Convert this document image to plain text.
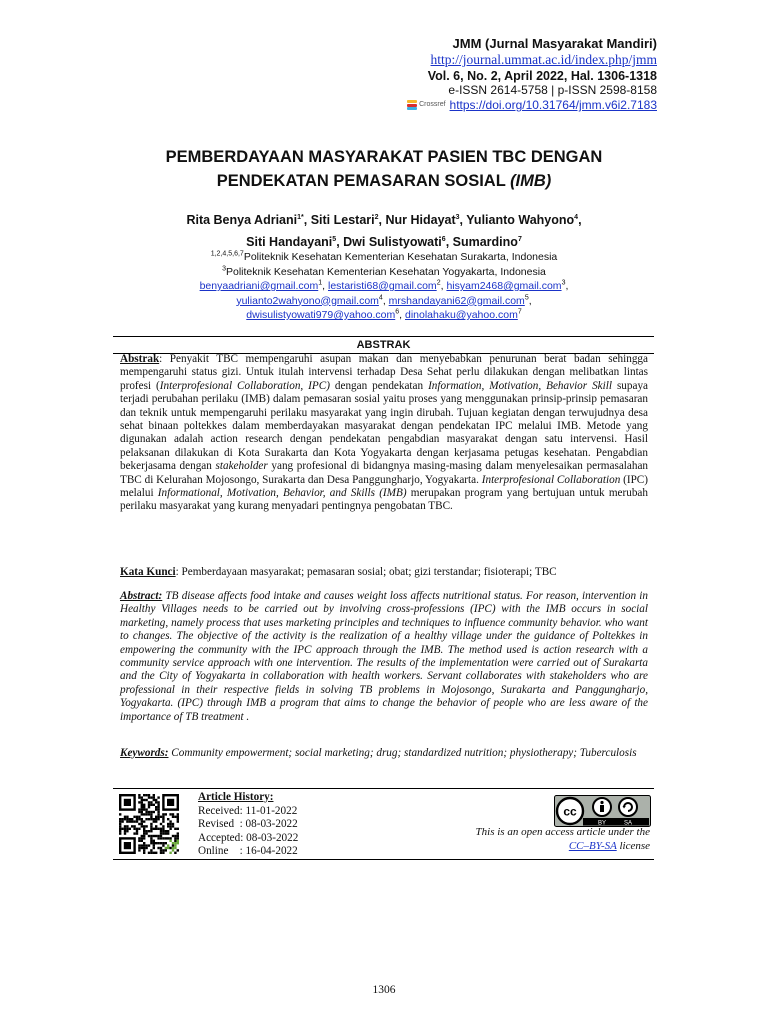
JMM (Jurnal Masyarakat Mandiri)
http://journal.ummat.ac.id/index.php/jmm
Vol. 6, No. 2, April 2022, Hal. 1306-1318
e-ISSN 2614-5758 | p-ISSN 2598-8158
Crossref https://doi.org/10.31764/jmm.v6i2.7183
PEMBERDAYAAN MASYARAKAT PASIEN TBC DENGAN
PENDEKATAN PEMASARAN SOSIAL (IMB)
Rita Benya Adriani$^{1*}$, Siti Lestari$^2$, Nur Hidayat$^3$, Yulianto Wahyono$^4$,
Siti Handayani$^5$, Dwi Sulistyowati$^6$, Sumardino$^7$
$^{1,2,4,5,6,7}$Politeknik Kesehatan Kementerian Kesehatan Surakarta, Indonesia
$^3$Politeknik Kesehatan Kementerian Kesehatan Yogyakarta, Indonesia
benyaadriani@gmail.com$^1$, lestaristi68@gmail.com$^2$, hisyam2468@gmail.com$^3$,
yulianto2wahyono@gmail.com$^4$, mrshandayani62@gmail.com$^5$,
dwisulistyowati979@yahoo.com$^6$, dinolahaku@yahoo.com$^7$
ABSTRAK
Abstrak: Penyakit TBC mempengaruhi asupan makan dan menyebabkan penurunan berat badan sehingga mempengaruhi status gizi. Untuk itulah intervensi terhadap Desa Sehat perlu dilakukan dengan melibatkan lintas profesi (Interprofesional Collaboration, IPC) dengan pendekatan Information, Motivation, Behavior Skill supaya terjadi perubahan perilaku (IMB) dalam pemasaran sosial yaitu proses yang menggunakan prinsip-prinsip pemasaran dan teknik untuk mempengaruhi perilaku masyarakat yang ingin dirubah. Tujuan kegiatan dengan terwujudnya desa sehat binaan poltekkes dalam memberdayakan masyarakat dengan pendekatan IPC melalui IMB. Metode yang digunakan adalah action research dengan pendekatan pengabdian masyarakat dengan satu intervensi. Hasil pelaksanan dilakukan di Kota Surakarta dan Kota Yogyakarta dengan kerjasama petugas kesehatan. Pengabdian bekerjasama dengan stakeholder yang profesional di bidangnya masing-masing dalam menyelesaikan permasalahan TBC di Kelurahan Mojosongo, Surakarta dan Desa Panggungharjo, Yogyakarta. Interprofesional Collaboration (IPC) melalui Informational, Motivation, Behavior, and Skills (IMB) merupakan program yang bertujuan untuk merubah perilaku masyarakat yang kurang menyadari pentingnya pengobatan TBC.
Kata Kunci: Pemberdayaan masyarakat; pemasaran sosial; obat; gizi terstandar; fisioterapi; TBC
Abstract: TB disease affects food intake and causes weight loss affects nutritional status. For reason, intervention in Healthy Villages needs to be carried out by involving cross-professions (IPC) with the IMB occurs in social marketing, namely process that uses marketing principles and techniques to influence community behavior. who want to changes. The objective of the activity is the realization of a healthy village under the guidance of Poltekkes in empowering the community with the IPC approach through the IMB. The method used is action research with a community service approach with one intervention. The results of the implementation were carried out of Surakarta and the City of Yogyakarta in collaboration with health workers. Servant collaborates with stakeholders who are professional in their respective fields in solving TB problems in Mojosongo, Surakarta and Panggungharjo, Yogyakarta. (IPC) through IMB a program that aims to change the behavior of people who are less aware of the importance of TB treatment .
Keywords: Community empowerment; social marketing; drug; standardized nutrition; physiotherapy; Tuberculosis
Article History:
Received: 11-01-2022
Revised  : 08-03-2022
Accepted: 08-03-2022
Online    : 16-04-2022
cc
BY	SA
This is an open access article under the
CC–BY-SA license
1306
